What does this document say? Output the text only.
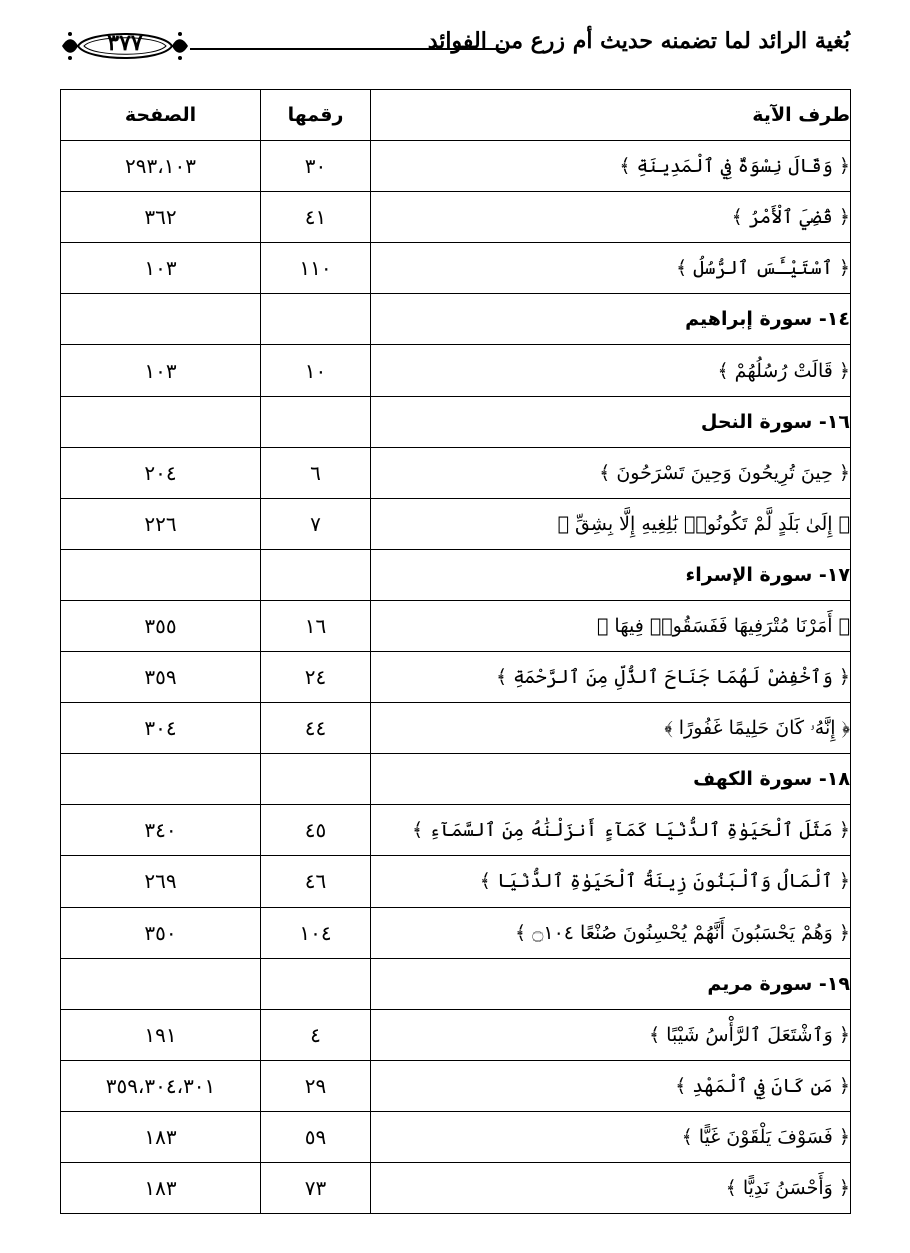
بُغية الرائد لما تضمنه حديث أم زرع من الفوائد
٣٧٧
طرف الآية	رقمها	الصفحة
﴿ وَقَالَ نِسْوَةٌ فِي ٱلْمَدِينَةِ ﴾	٣٠	٢٩٣،١٠٣
﴿ قُضِيَ ٱلْأَمْرُ ﴾	٤١	٣٦٢
﴿ ٱسْتَيْـَٔسَ ٱلرُّسُلُ ﴾	١١٠	١٠٣
١٤- سورة إبراهيم		
﴿ قَالَتْ رُسُلُهُمْ ﴾	١٠	١٠٣
١٦- سورة النحل		
﴿ حِينَ تُرِيحُونَ وَحِينَ تَسْرَحُونَ ﴾	٦	٢٠٤
﴿ إِلَىٰ بَلَدٍ لَّمْ تَكُونُوا۟ بَٰلِغِيهِ إِلَّا بِشِقِّ ﴾	٧	٢٢٦
١٧- سورة الإسراء		
﴿ أَمَرْنَا مُتْرَفِيهَا فَفَسَقُوا۟ فِيهَا ﴾	١٦	٣٥٥
﴿ وَٱخْفِضْ لَهُمَا جَنَاحَ ٱلذُّلِّ مِنَ ٱلرَّحْمَةِ ﴾	٢٤	٣٥٩
﴿ إِنَّهُۥ كَانَ حَلِيمًا غَفُورًا ﴾	٤٤	٣٠٤
١٨- سورة الكهف		
﴿ مَثَلَ ٱلْحَيَوٰةِ ٱلدُّنْيَا كَمَآءٍ أَنزَلْنَٰهُ مِنَ ٱلسَّمَآءِ ﴾	٤٥	٣٤٠
﴿ ٱلْمَالُ وَٱلْبَنُونَ زِينَةُ ٱلْحَيَوٰةِ ٱلدُّنْيَا ﴾	٤٦	٢٦٩
﴿ وَهُمْ يَحْسَبُونَ أَنَّهُمْ يُحْسِنُونَ صُنْعًا ۝١٠٤ ﴾	١٠٤	٣٥٠
١٩- سورة مريم		
﴿ وَٱشْتَعَلَ ٱلرَّأْسُ شَيْبًا ﴾	٤	١٩١
﴿ مَن كَانَ فِي ٱلْمَهْدِ ﴾	٢٩	٣٥٩،٣٠٤،٣٠١
﴿ فَسَوْفَ يَلْقَوْنَ غَيًّا ﴾	٥٩	١٨٣
﴿ وَأَحْسَنُ نَدِيًّا ﴾	٧٣	١٨٣
